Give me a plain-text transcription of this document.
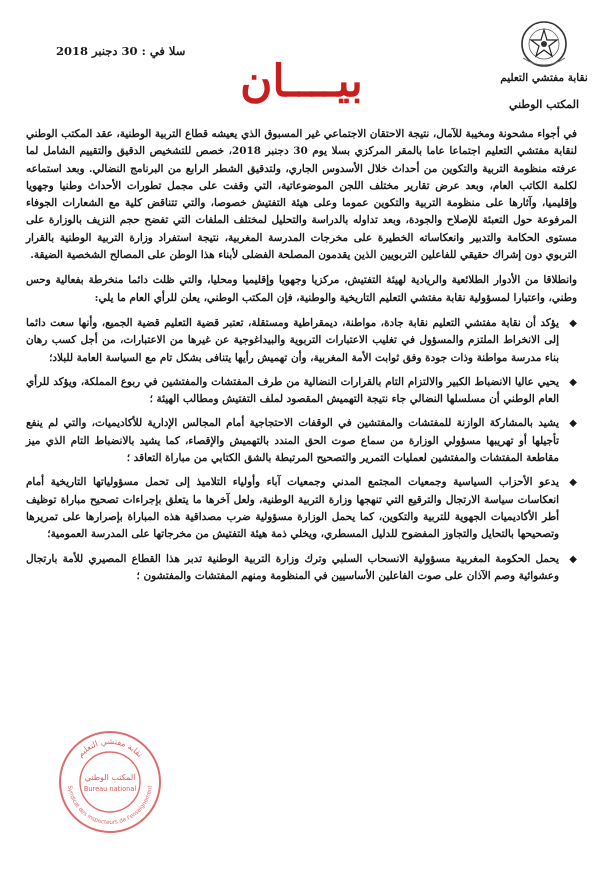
سلا في : 30 دجنبر 2018
نقابة مفتشي التعليم
المكتب الوطني
بيــــان

في أجواء مشحونة ومخيبة للآمال، نتيجة الاحتقان الاجتماعي غير المسبوق الذي يعيشه قطاع التربية الوطنية، عقد المكتب الوطني لنقابة مفتشي التعليم اجتماعا عاما بالمقر المركزي بسلا يوم 30 دجنبر 2018، خصص للتشخيص الدقيق والتقييم الشامل لما عرفته منظومة التربية والتكوين من أحداث خلال الأسدوس الجاري، ولتدقيق الشطر الرابع من البرنامج النضالي. وبعد استماعه لكلمة الكاتب العام، وبعد عرض تقارير مختلف اللجن الموضوعاتية، التي وقفت على مجمل تطورات الأحداث وطنيا وجهويا وإقليميا، وآثارها على منظومة التربية والتكوين عموما وعلى هيئة التفتيش خصوصا، والتي تتناقض كلية مع الشعارات الجوفاء المرفوعة حول التعبئة للإصلاح والجودة، وبعد تداوله بالدراسة والتحليل لمختلف الملفات التي تفضح حجم النزيف بالوزارة على مستوى الحكامة والتدبير وانعكاساته الخطيرة على مخرجات المدرسة المغربية، نتيجة استفراد وزارة التربية الوطنية بالقرار التربوي دون إشراك حقيقي للفاعلين التربويين الذين يقدمون المصلحة الفضلى لأبناء هذا الوطن على المصالح الشخصية الضيقة.

وانطلاقا من الأدوار الطلائعية والريادية لهيئة التفتيش، مركزيا وجهويا وإقليميا ومحليا، والتي ظلت دائما منخرطة بفعالية وحس وطني، واعتبارا لمسؤولية نقابة مفتشي التعليم التاريخية والوطنية، فإن المكتب الوطني، يعلن للرأي العام ما يلي:

◆
يؤكد أن نقابة مفتشي التعليم نقابة جادة، مواطنة، ديمقراطية ومستقلة، تعتبر قضية التعليم قضية الجميع، وأنها سعت دائما إلى الانخراط الملتزم والمسؤول في تغليب الاعتبارات التربوية والبيداغوجية عن غيرها من الاعتبارات، من أجل كسب رهان بناء مدرسة مواطنة وذات جودة وفق ثوابت الأمة المغربية، وأن تهميش رأيها يتنافى بشكل تام مع السياسة العامة للبلاد؛
◆
يحيي عاليا الانضباط الكبير والالتزام التام بالقرارات النضالية من طرف المفتشات والمفتشين في ربوع المملكة، ويؤكد للرأي العام الوطني أن مسلسلها النضالي جاء نتيجة التهميش المقصود لملف التفتيش ومطالب الهيئة ؛
◆
يشيد بالمشاركة الوازنة للمفتشات والمفتشين في الوقفات الاحتجاجية أمام المجالس الإدارية للأكاديميات، والتي لم ينفع تأجيلها أو تهريبها مسؤولي الوزارة من سماع صوت الحق المندد بالتهميش والإقصاء، كما يشيد بالانضباط التام الذي ميز مقاطعة المفتشات والمفتشين لعمليات التمرير والتصحيح المرتبطة بالشق الكتابي من مباراة التعاقد ؛
◆
يدعو الأحزاب السياسية وجمعيات المجتمع المدني وجمعيات آباء وأولياء التلاميذ إلى تحمل مسؤولياتها التاريخية أمام انعكاسات سياسة الارتجال والترقيع التي تنهجها وزارة التربية الوطنية، ولعل آخرها ما يتعلق بإجراءات تصحيح مباراة توظيف أطر الأكاديميات الجهوية للتربية والتكوين، كما يحمل الوزارة مسؤولية ضرب مصداقية هذه المباراة بإصرارها على تمريرها وتصحيحها بالتحايل والتجاوز المفضوح للدليل المسطري، ويخلي ذمة هيئة التفتيش من مخرجاتها على المدرسة العمومية؛
◆
يحمل الحكومة المغربية مسؤولية الانسحاب السلبي وترك وزارة التربية الوطنية تدبر هذا القطاع المصيري للأمة بارتجال وعشوائية وصم الآذان على صوت الفاعلين الأساسيين في المنظومة ومنهم المفتشات والمفتشون ؛
نقابة مفتشي التعليم
Syndicat des inspecteurs de l'enseignement
المكتب الوطني
Bureau national
